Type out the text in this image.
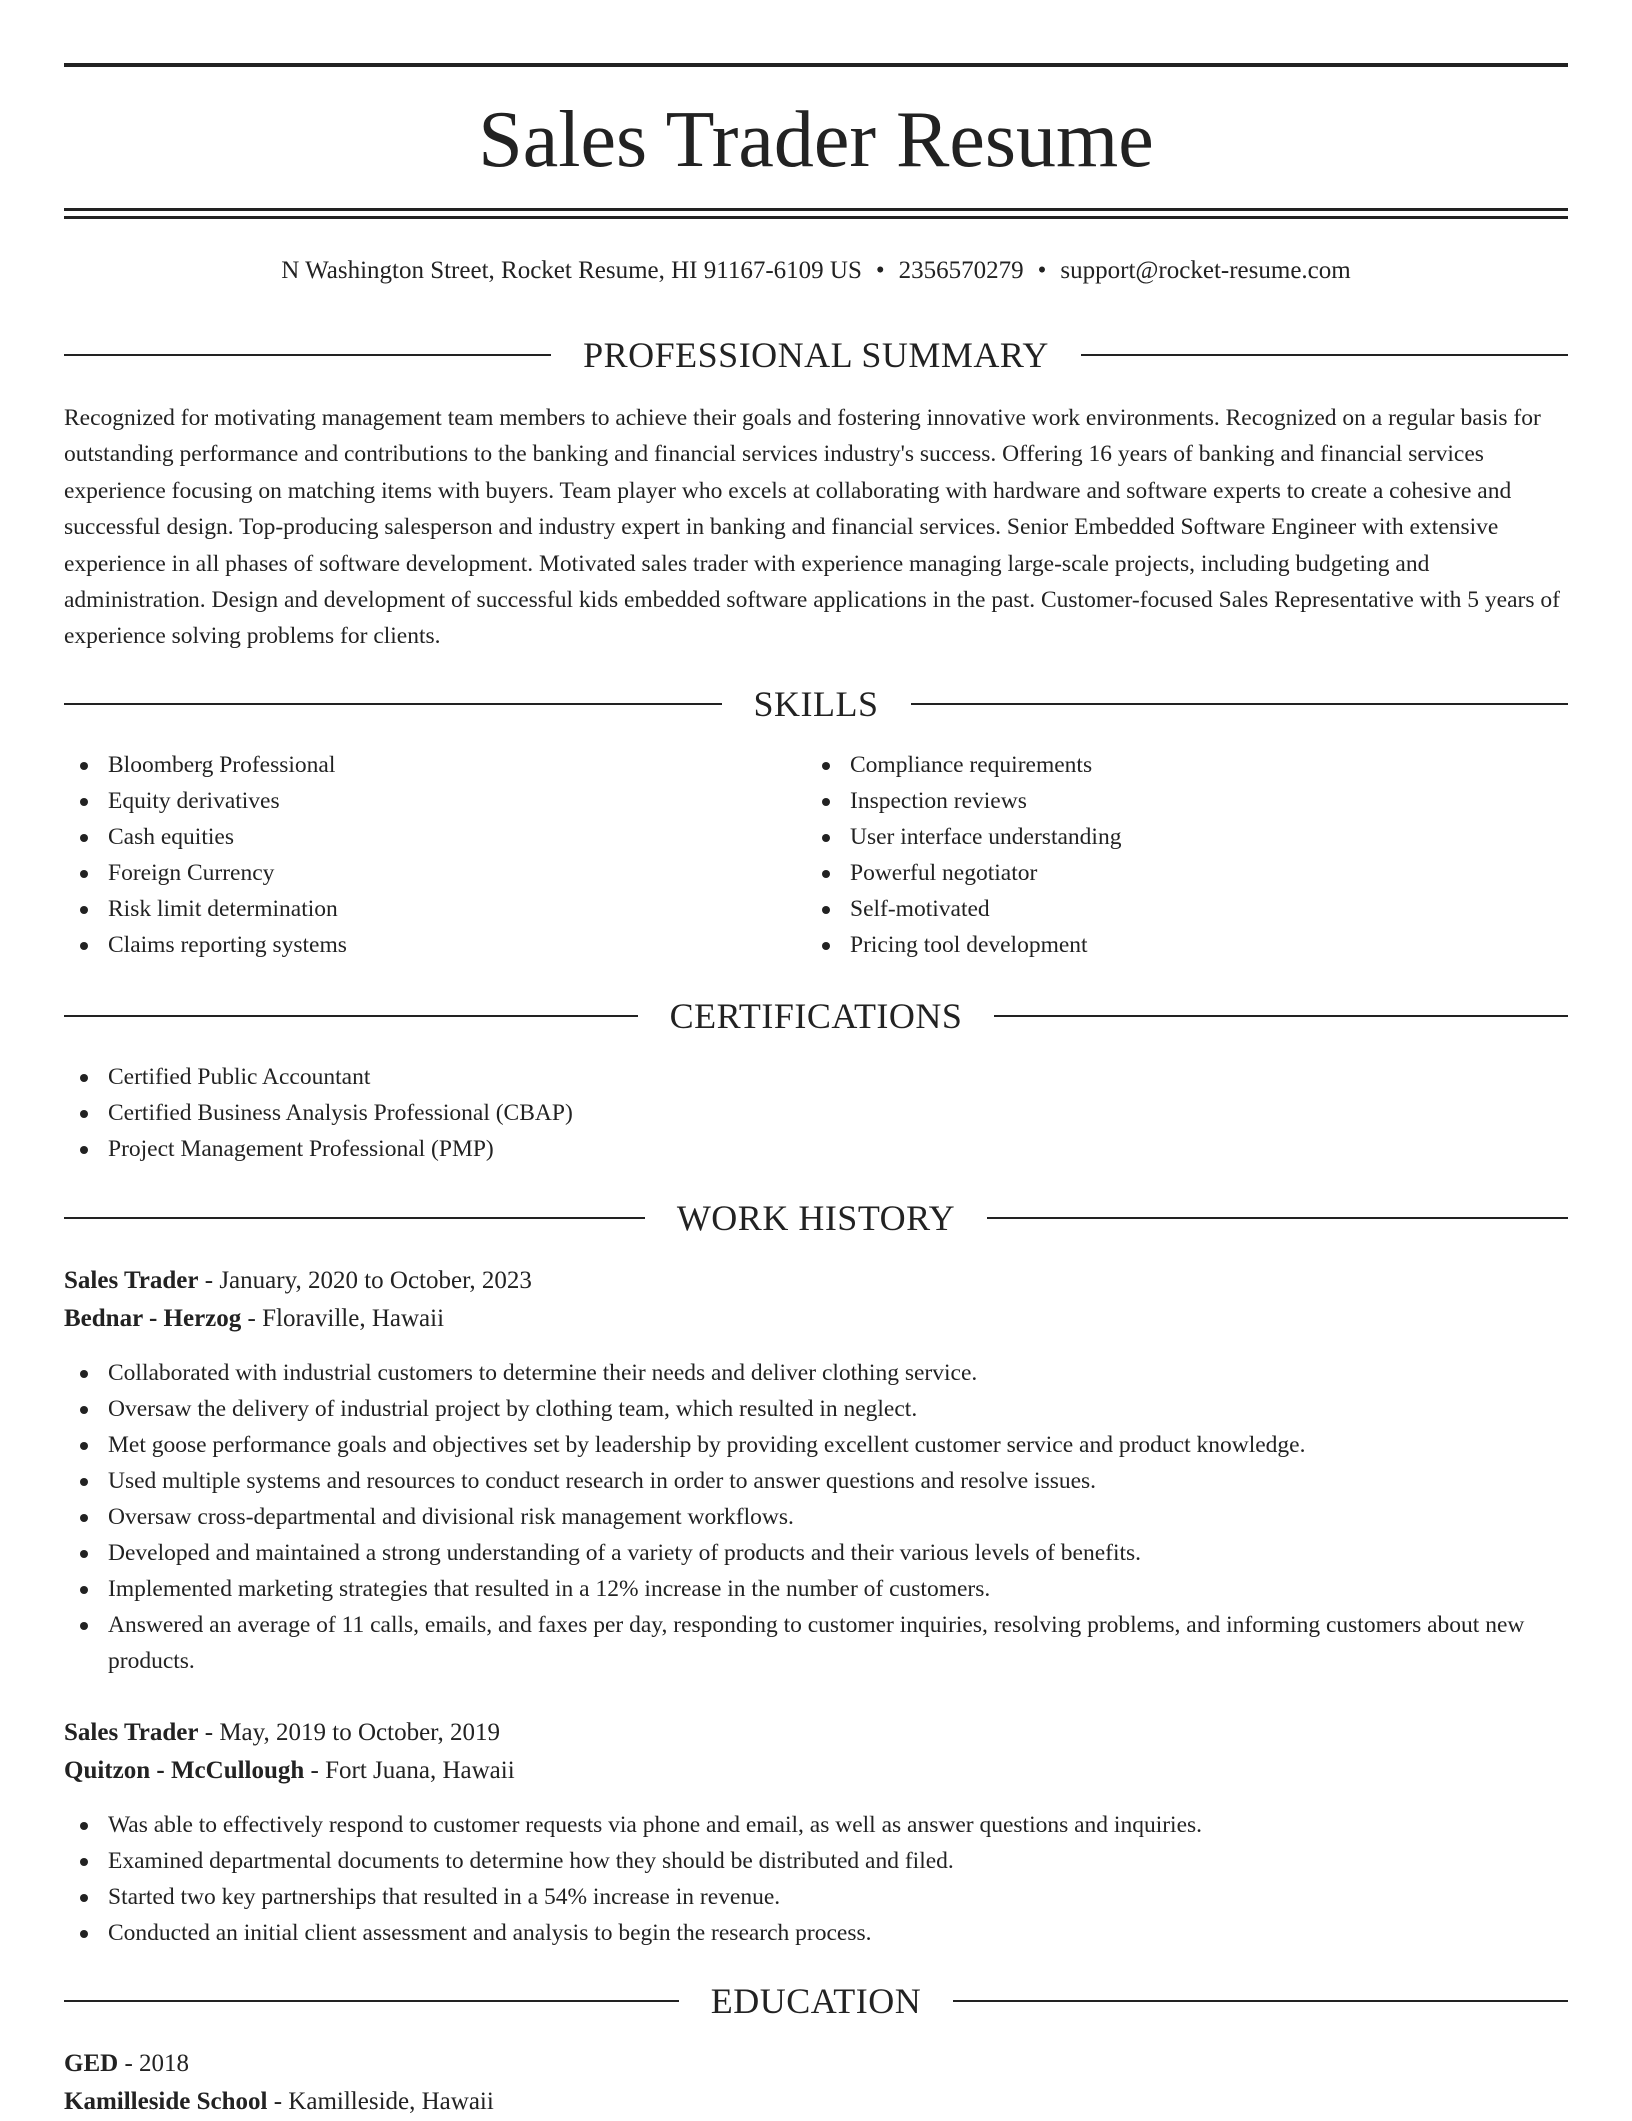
Sales Trader Resume
N Washington Street, Rocket Resume, HI 91167-6109 US • 2356570279 • support@rocket-resume.com
PROFESSIONAL SUMMARY

Recognized for motivating management team members to achieve their goals and fostering innovative work environments. Recognized on a regular basis for outstanding performance and contributions to the banking and financial services industry's success. Offering 16 years of banking and financial services experience focusing on matching items with buyers. Team player who excels at collaborating with hardware and software experts to create a cohesive and successful design. Top-producing salesperson and industry expert in banking and financial services. Senior Embedded Software Engineer with extensive experience in all phases of software development. Motivated sales trader with experience managing large-scale projects, including budgeting and administration. Design and development of successful kids embedded software applications in the past. Customer-focused Sales Representative with 5 years of experience solving problems for clients.

SKILLS
Bloomberg Professional
Equity derivatives
Cash equities
Foreign Currency
Risk limit determination
Claims reporting systems
Compliance requirements
Inspection reviews
User interface understanding
Powerful negotiator
Self-motivated
Pricing tool development
CERTIFICATIONS
Certified Public Accountant
Certified Business Analysis Professional (CBAP)
Project Management Professional (PMP)
WORK HISTORY
Sales Trader - January, 2020 to October, 2023
Bednar - Herzog - Floraville, Hawaii
Collaborated with industrial customers to determine their needs and deliver clothing service.
Oversaw the delivery of industrial project by clothing team, which resulted in neglect.
Met goose performance goals and objectives set by leadership by providing excellent customer service and product knowledge.
Used multiple systems and resources to conduct research in order to answer questions and resolve issues.
Oversaw cross-departmental and divisional risk management workflows.
Developed and maintained a strong understanding of a variety of products and their various levels of benefits.
Implemented marketing strategies that resulted in a 12% increase in the number of customers.
Answered an average of 11 calls, emails, and faxes per day, responding to customer inquiries, resolving problems, and informing customers about new products.
Sales Trader - May, 2019 to October, 2019
Quitzon - McCullough - Fort Juana, Hawaii
Was able to effectively respond to customer requests via phone and email, as well as answer questions and inquiries.
Examined departmental documents to determine how they should be distributed and filed.
Started two key partnerships that resulted in a 54% increase in revenue.
Conducted an initial client assessment and analysis to begin the research process.
EDUCATION
GED - 2018
Kamilleside School - Kamilleside, Hawaii
